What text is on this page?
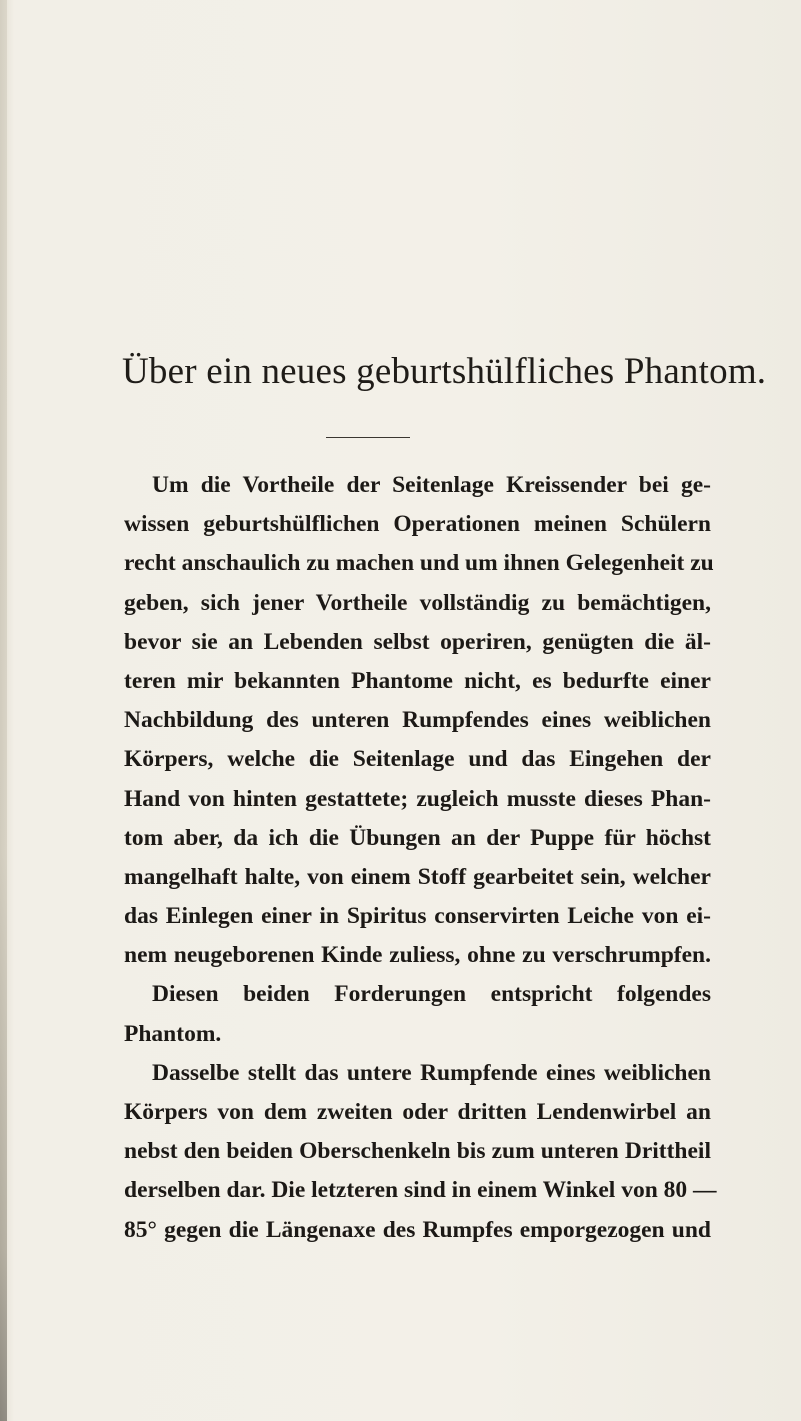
Über ein neues geburtshülfliches Phantom.
Um die Vortheile der Seitenlage Kreissender bei ge-
wissen geburtshülflichen Operationen meinen Schülern
recht anschaulich zu machen und um ihnen Gelegenheit zu
geben, sich jener Vortheile vollständig zu bemächtigen,
bevor sie an Lebenden selbst operiren, genügten die äl-
teren mir bekannten Phantome nicht, es bedurfte einer
Nachbildung des unteren Rumpfendes eines weiblichen
Körpers, welche die Seitenlage und das Eingehen der
Hand von hinten gestattete; zugleich musste dieses Phan-
tom aber, da ich die Übungen an der Puppe für höchst
mangelhaft halte, von einem Stoff gearbeitet sein, welcher
das Einlegen einer in Spiritus conservirten Leiche von ei-
nem neugeborenen Kinde zuliess, ohne zu verschrumpfen.
Diesen beiden Forderungen entspricht folgendes
Phantom.
Dasselbe stellt das untere Rumpfende eines weiblichen
Körpers von dem zweiten oder dritten Lendenwirbel an
nebst den beiden Oberschenkeln bis zum unteren Drittheil
derselben dar. Die letzteren sind in einem Winkel von 80 —
85° gegen die Längenaxe des Rumpfes emporgezogen und
